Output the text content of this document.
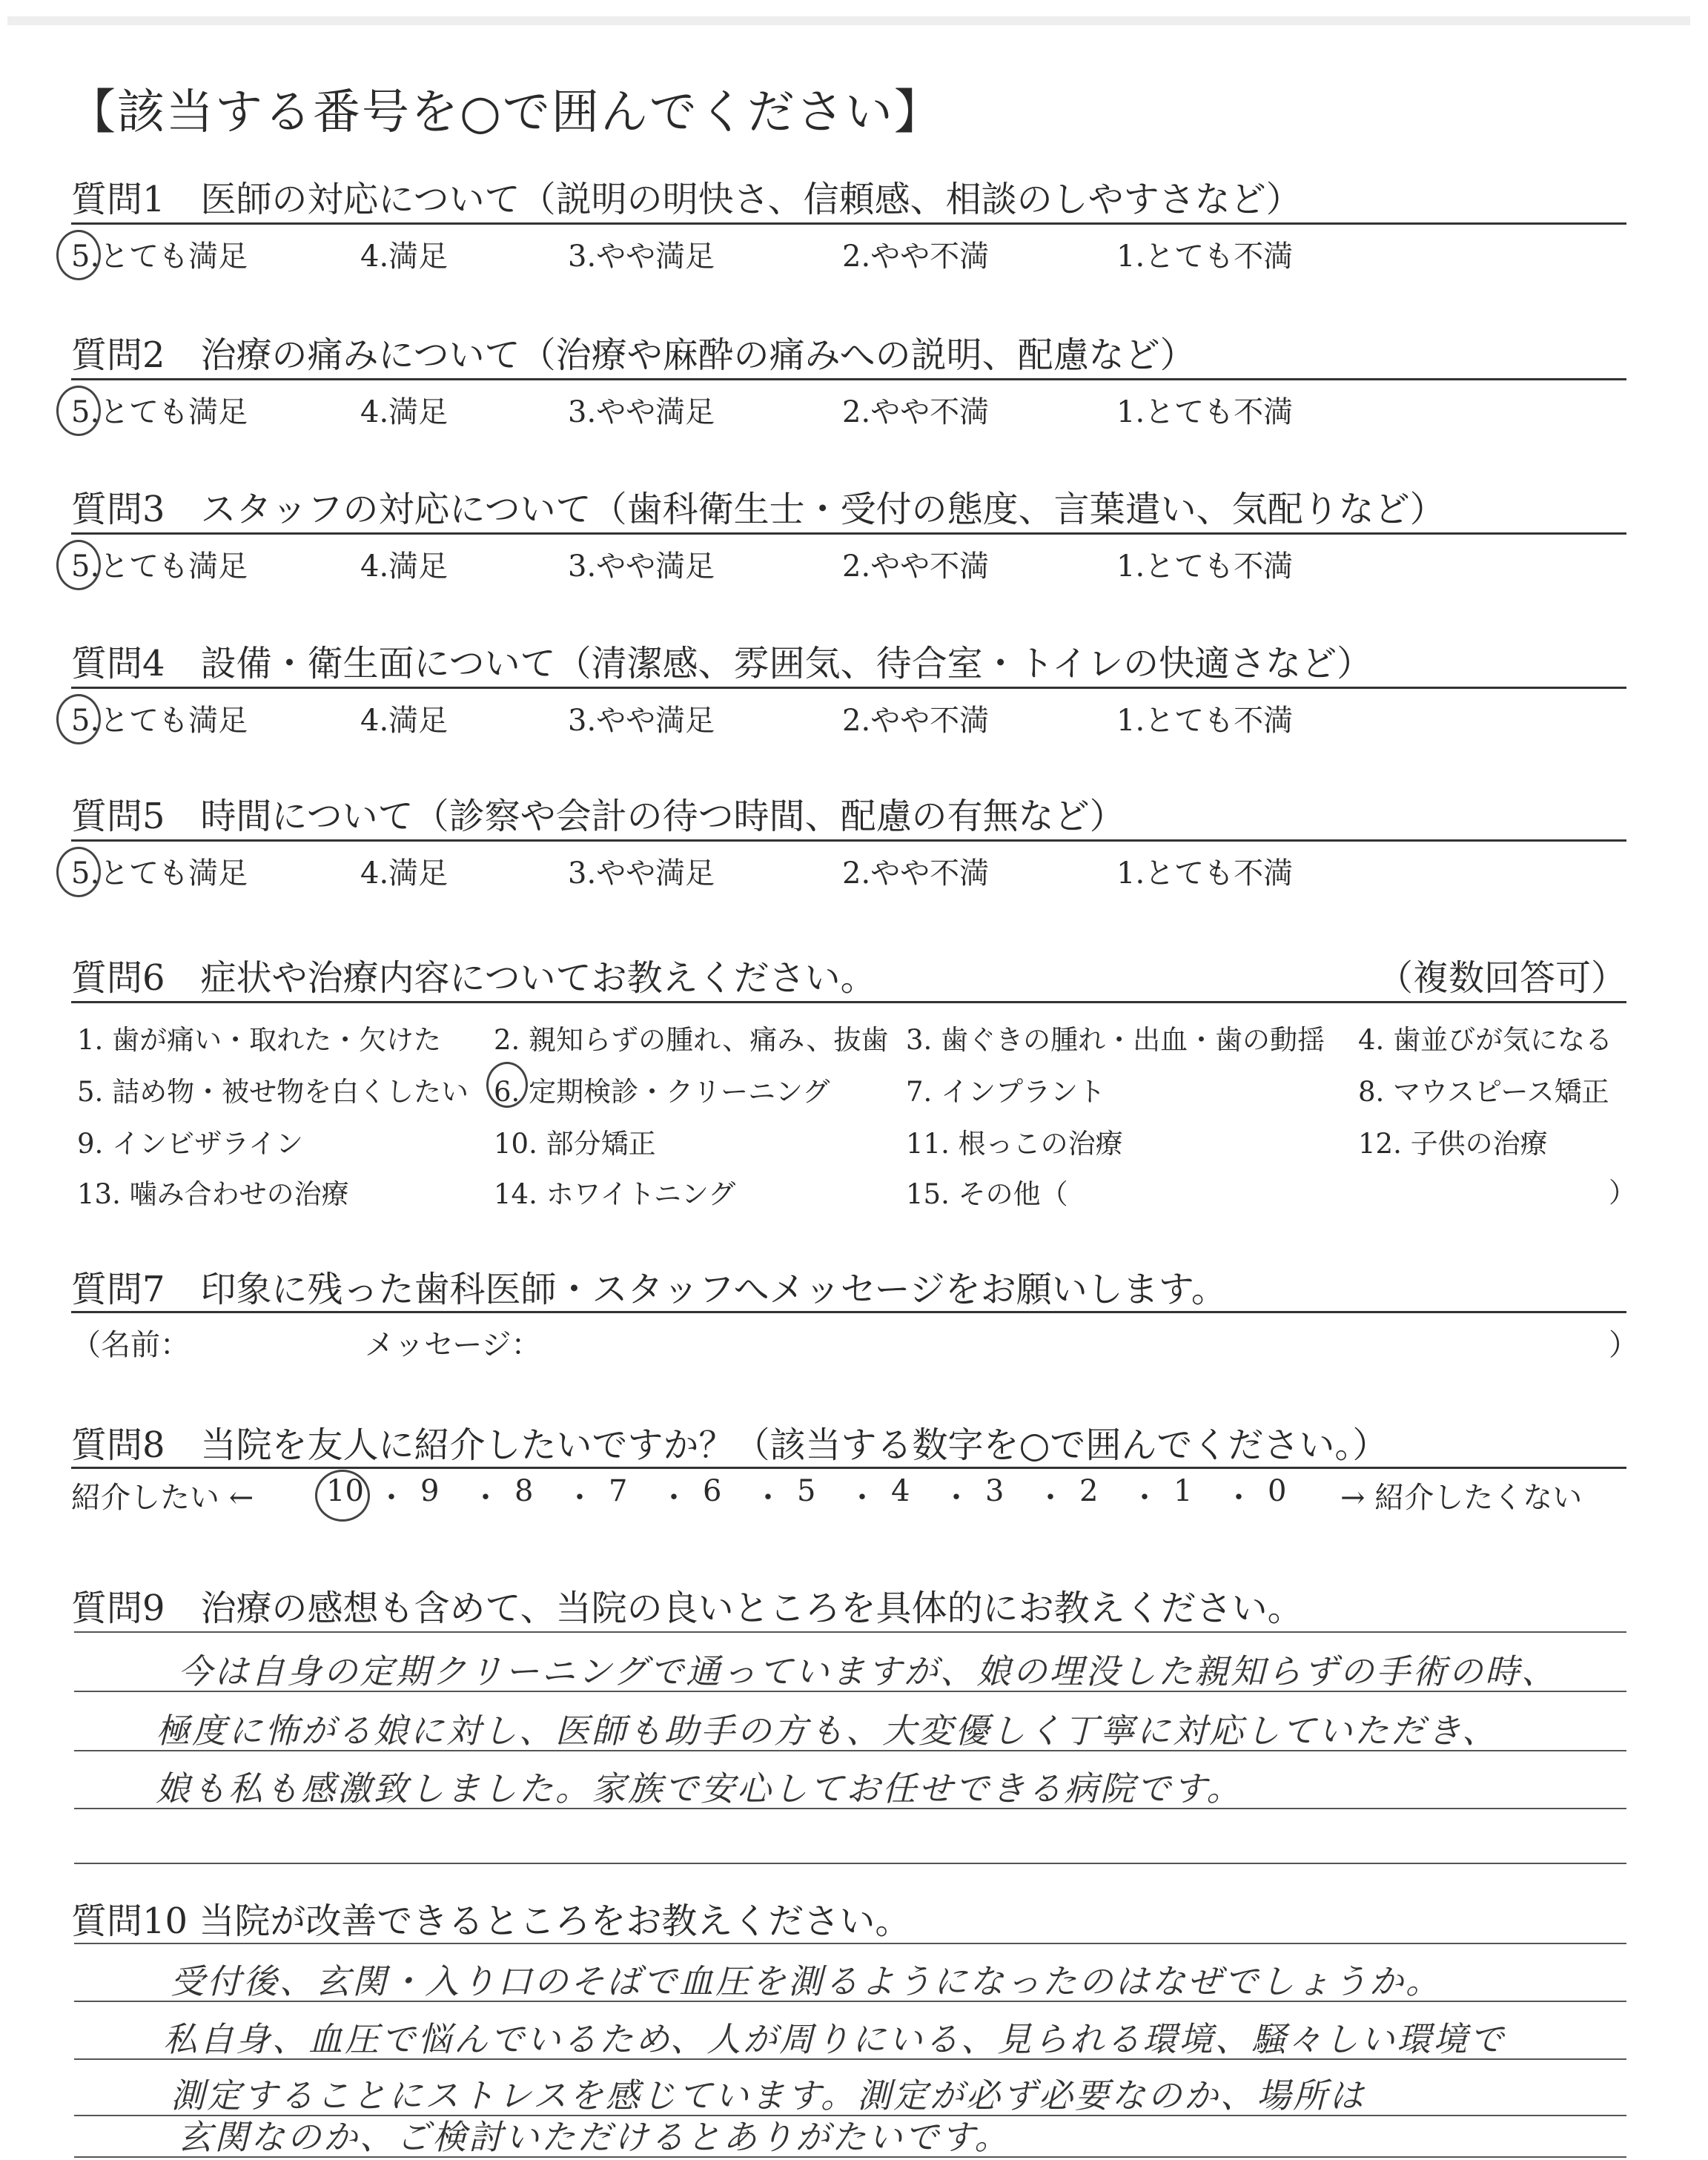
【該当する番号を○で囲んでください】
質問1　医師の対応について（説明の明快さ、信頼感、相談のしやすさなど）
5.とても満足	4.満足	3.やや満足	2.やや不満	1.とても不満
質問2　治療の痛みについて（治療や麻酔の痛みへの説明、配慮など）
5.とても満足	4.満足	3.やや満足	2.やや不満	1.とても不満
質問3　スタッフの対応について（歯科衛生士・受付の態度、言葉遣い、気配りなど）
5.とても満足	4.満足	3.やや満足	2.やや不満	1.とても不満
質問4　設備・衛生面について（清潔感、雰囲気、待合室・トイレの快適さなど）
5.とても満足	4.満足	3.やや満足	2.やや不満	1.とても不満
質問5　時間について（診察や会計の待つ時間、配慮の有無など）
5.とても満足	4.満足	3.やや満足	2.やや不満	1.とても不満
質問6　症状や治療内容についてお教えください。	（複数回答可）
1. 歯が痛い・取れた・欠けた 2. 親知らずの腫れ、痛み、抜歯 3. 歯ぐきの腫れ・出血・歯の動揺 4. 歯並びが気になる
5. 詰め物・被せ物を白くしたい 6. 定期検診・クリーニング	7. インプラント	8. マウスピース矯正
9. インビザライン	10. 部分矯正	11. 根っこの治療	12. 子供の治療
13. 噛み合わせの治療	14. ホワイトニング	15. その他（	）
質問7　印象に残った歯科医師・スタッフへメッセージをお願いします。
（名前：	メッセージ：	）
質問8　当院を友人に紹介したいですか？（該当する数字を○で囲んでください。）
紹介したい ←	→ 紹介したくない
10 ・ 9 ・ 8 ・ 7 ・ 6 ・ 5 ・ 4 ・ 3 ・ 2 ・ 1 ・ 0
質問9　治療の感想も含めて、当院の良いところを具体的にお教えください。
今は自身の定期クリーニングで通っていますが、娘の埋没した親知らずの手術の時、
極度に怖がる娘に対し、医師も助手の方も、大変優しく丁寧に対応していただき、
娘も私も感激致しました。家族で安心してお任せできる病院です。
質問10 当院が改善できるところをお教えください。
受付後、玄関・入り口のそばで血圧を測るようになったのはなぜでしょうか。
私自身、血圧で悩んでいるため、人が周りにいる、見られる環境、騒々しい環境で
測定することにストレスを感じています。測定が必ず必要なのか、場所は
玄関なのか、ご検討いただけるとありがたいです。
